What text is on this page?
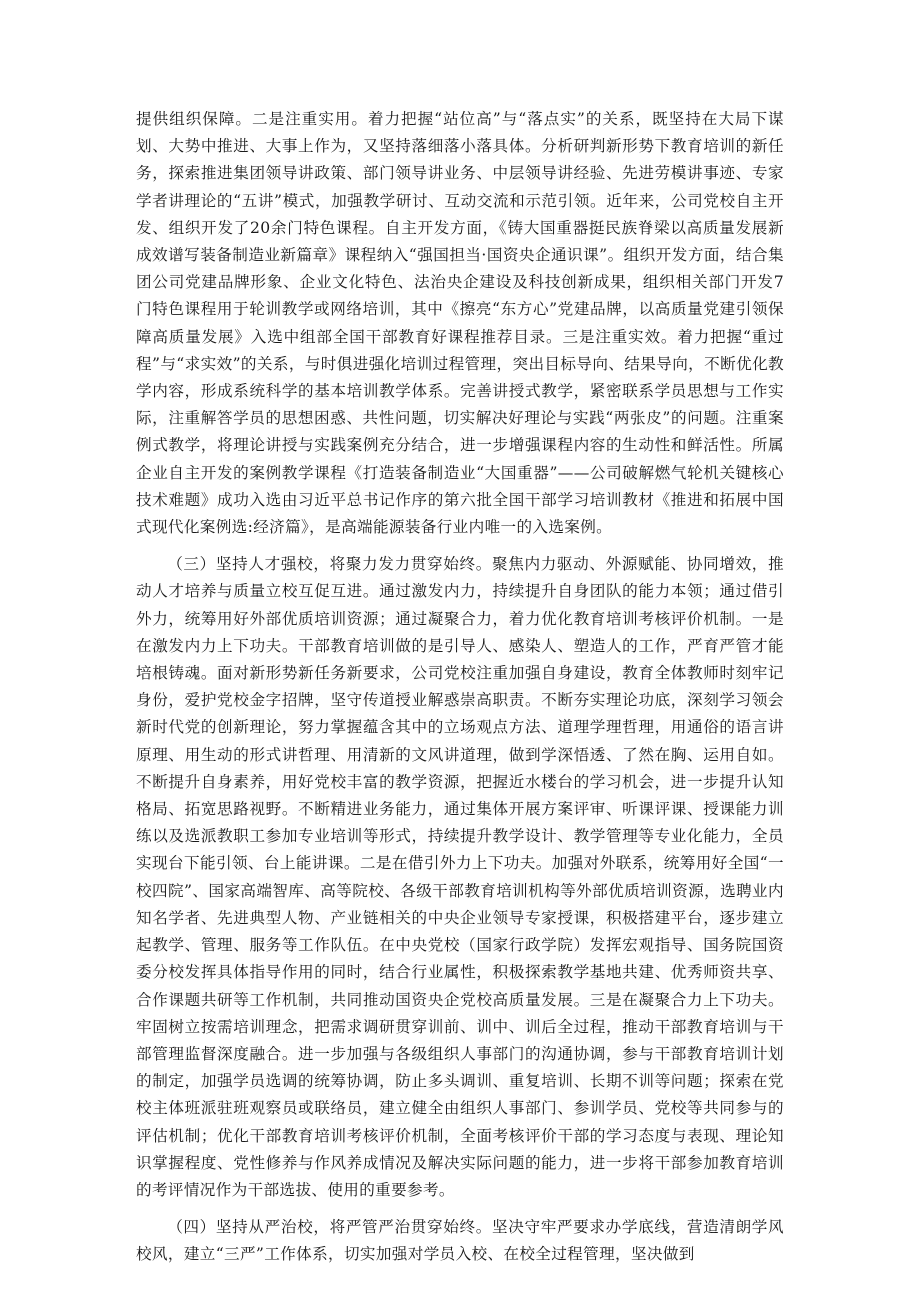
提供组织保障。二是注重实用。着力把握“站位高”与“落点实”的关系，既坚持在大局下谋划、大势中推进、大事上作为，又坚持落细落小落具体。分析研判新形势下教育培训的新任务，探索推进集团领导讲政策、部门领导讲业务、中层领导讲经验、先进劳模讲事迹、专家学者讲理论的“五讲”模式，加强教学研讨、互动交流和示范引领。近年来，公司党校自主开发、组织开发了20余门特色课程。自主开发方面，《铸大国重器挺民族脊梁以高质量发展新成效谱写装备制造业新篇章》课程纳入“强国担当·国资央企通识课”。组织开发方面，结合集团公司党建品牌形象、企业文化特色、法治央企建设及科技创新成果，组织相关部门开发7门特色课程用于轮训教学或网络培训，其中《擦亮“东方心”党建品牌，以高质量党建引领保障高质量发展》入选中组部全国干部教育好课程推荐目录。三是注重实效。着力把握“重过程”与“求实效”的关系，与时俱进强化培训过程管理，突出目标导向、结果导向，不断优化教学内容，形成系统科学的基本培训教学体系。完善讲授式教学，紧密联系学员思想与工作实际，注重解答学员的思想困惑、共性问题，切实解决好理论与实践“两张皮”的问题。注重案例式教学，将理论讲授与实践案例充分结合，进一步增强课程内容的生动性和鲜活性。所属企业自主开发的案例教学课程《打造装备制造业“大国重器”——公司破解燃气轮机关键核心技术难题》成功入选由习近平总书记作序的第六批全国干部学习培训教材《推进和拓展中国式现代化案例选:经济篇》，是高端能源装备行业内唯一的入选案例。

（三）坚持人才强校，将聚力发力贯穿始终。聚焦内力驱动、外源赋能、协同增效，推动人才培养与质量立校互促互进。通过激发内力，持续提升自身团队的能力本领；通过借引外力，统筹用好外部优质培训资源；通过凝聚合力，着力优化教育培训考核评价机制。一是在激发内力上下功夫。干部教育培训做的是引导人、感染人、塑造人的工作，严育严管才能培根铸魂。面对新形势新任务新要求，公司党校注重加强自身建设，教育全体教师时刻牢记身份，爱护党校金字招牌，坚守传道授业解惑崇高职责。不断夯实理论功底，深刻学习领会新时代党的创新理论，努力掌握蕴含其中的立场观点方法、道理学理哲理，用通俗的语言讲原理、用生动的形式讲哲理、用清新的文风讲道理，做到学深悟透、了然在胸、运用自如。不断提升自身素养，用好党校丰富的教学资源，把握近水楼台的学习机会，进一步提升认知格局、拓宽思路视野。不断精进业务能力，通过集体开展方案评审、听课评课、授课能力训练以及选派教职工参加专业培训等形式，持续提升教学设计、教学管理等专业化能力，全员实现台下能引领、台上能讲课。二是在借引外力上下功夫。加强对外联系，统筹用好全国“一校四院”、国家高端智库、高等院校、各级干部教育培训机构等外部优质培训资源，选聘业内知名学者、先进典型人物、产业链相关的中央企业领导专家授课，积极搭建平台，逐步建立起教学、管理、服务等工作队伍。在中央党校（国家行政学院）发挥宏观指导、国务院国资委分校发挥具体指导作用的同时，结合行业属性，积极探索教学基地共建、优秀师资共享、合作课题共研等工作机制，共同推动国资央企党校高质量发展。三是在凝聚合力上下功夫。牢固树立按需培训理念，把需求调研贯穿训前、训中、训后全过程，推动干部教育培训与干部管理监督深度融合。进一步加强与各级组织人事部门的沟通协调，参与干部教育培训计划的制定，加强学员选调的统筹协调，防止多头调训、重复培训、长期不训等问题；探索在党校主体班派驻班观察员或联络员，建立健全由组织人事部门、参训学员、党校等共同参与的评估机制；优化干部教育培训考核评价机制，全面考核评价干部的学习态度与表现、理论知识掌握程度、党性修养与作风养成情况及解决实际问题的能力，进一步将干部参加教育培训的考评情况作为干部选拔、使用的重要参考。

（四）坚持从严治校，将严管严治贯穿始终。坚决守牢严要求办学底线，营造清朗学风校风，建立“三严”工作体系，切实加强对学员入校、在校全过程管理，坚决做到
